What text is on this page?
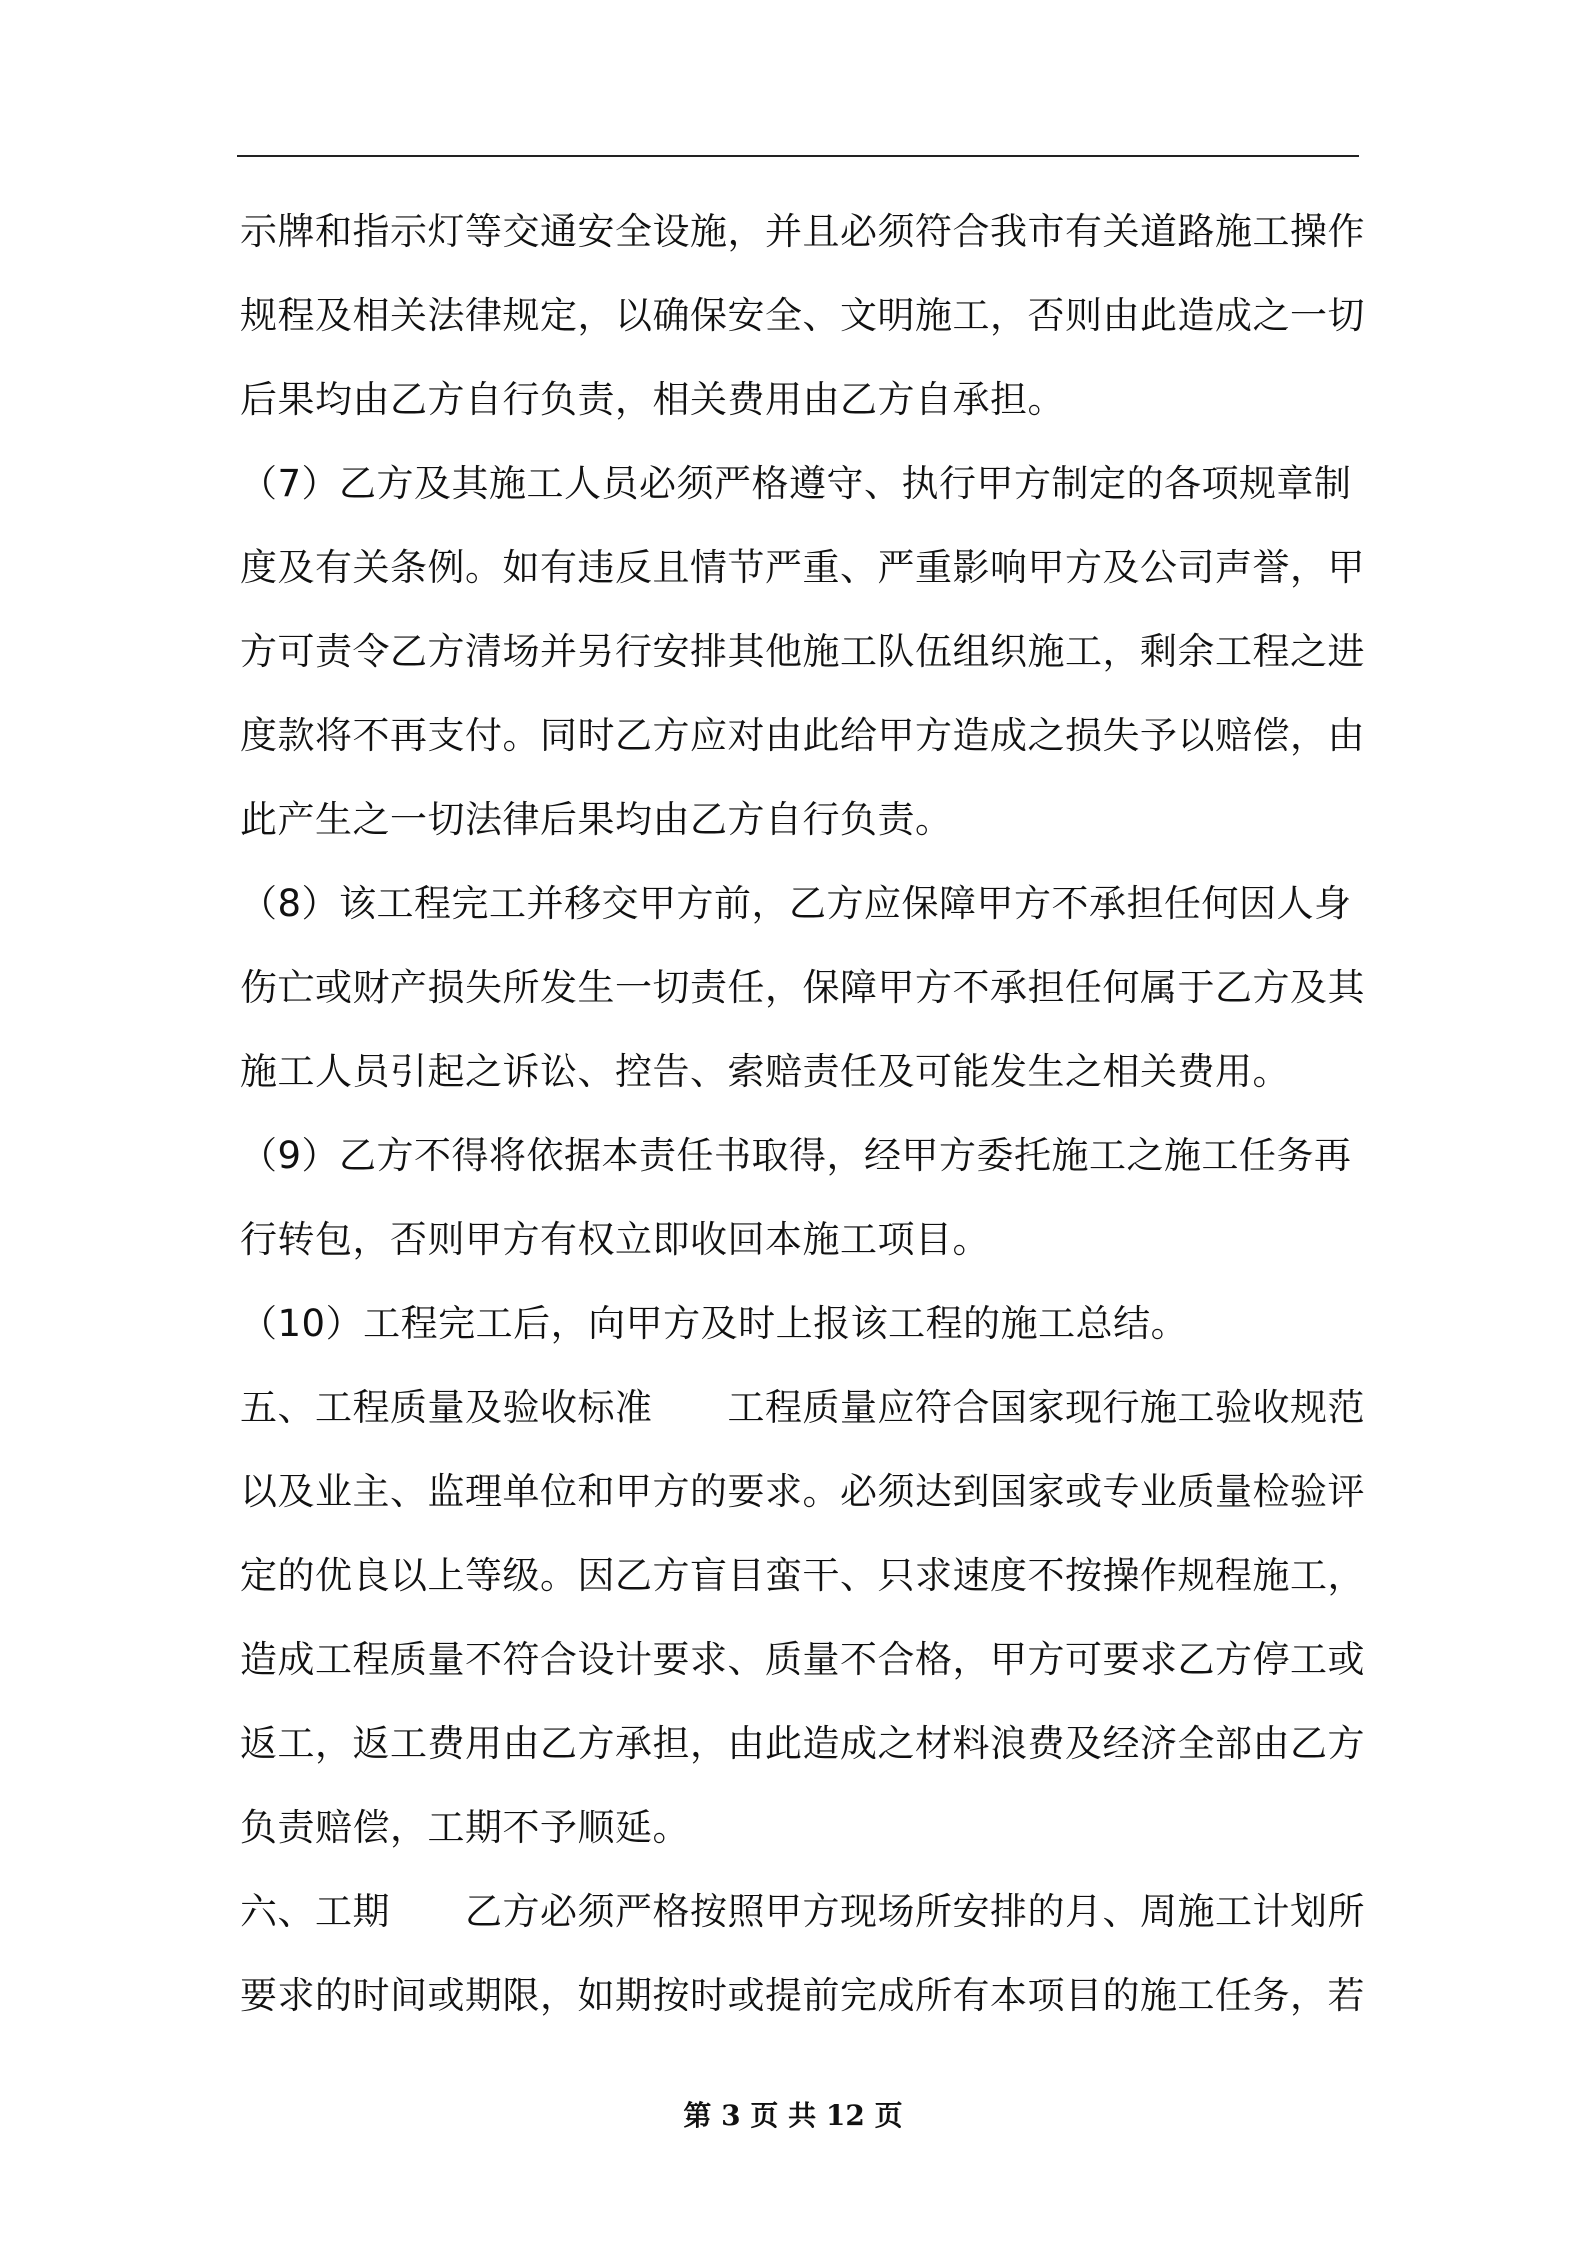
示牌和指示灯等交通安全设施，并且必须符合我市有关道路施工操作
规程及相关法律规定，以确保安全、文明施工，否则由此造成之一切
后果均由乙方自行负责，相关费用由乙方自承担。
（7）乙方及其施工人员必须严格遵守、执行甲方制定的各项规章制
度及有关条例。如有违反且情节严重、严重影响甲方及公司声誉，甲
方可责令乙方清场并另行安排其他施工队伍组织施工，剩余工程之进
度款将不再支付。同时乙方应对由此给甲方造成之损失予以赔偿，由
此产生之一切法律后果均由乙方自行负责。
（8）该工程完工并移交甲方前，乙方应保障甲方不承担任何因人身
伤亡或财产损失所发生一切责任，保障甲方不承担任何属于乙方及其
施工人员引起之诉讼、控告、索赔责任及可能发生之相关费用。
（9）乙方不得将依据本责任书取得，经甲方委托施工之施工任务再
行转包，否则甲方有权立即收回本施工项目。
（10）工程完工后，向甲方及时上报该工程的施工总结。
五、工程质量及验收标准　　工程质量应符合国家现行施工验收规范
以及业主、监理单位和甲方的要求。必须达到国家或专业质量检验评
定的优良以上等级。因乙方盲目蛮干、只求速度不按操作规程施工，
造成工程质量不符合设计要求、质量不合格，甲方可要求乙方停工或
返工，返工费用由乙方承担，由此造成之材料浪费及经济全部由乙方
负责赔偿，工期不予顺延。
六、工期　　乙方必须严格按照甲方现场所安排的月、周施工计划所
要求的时间或期限，如期按时或提前完成所有本项目的施工任务，若
第 3 页 共 12 页
